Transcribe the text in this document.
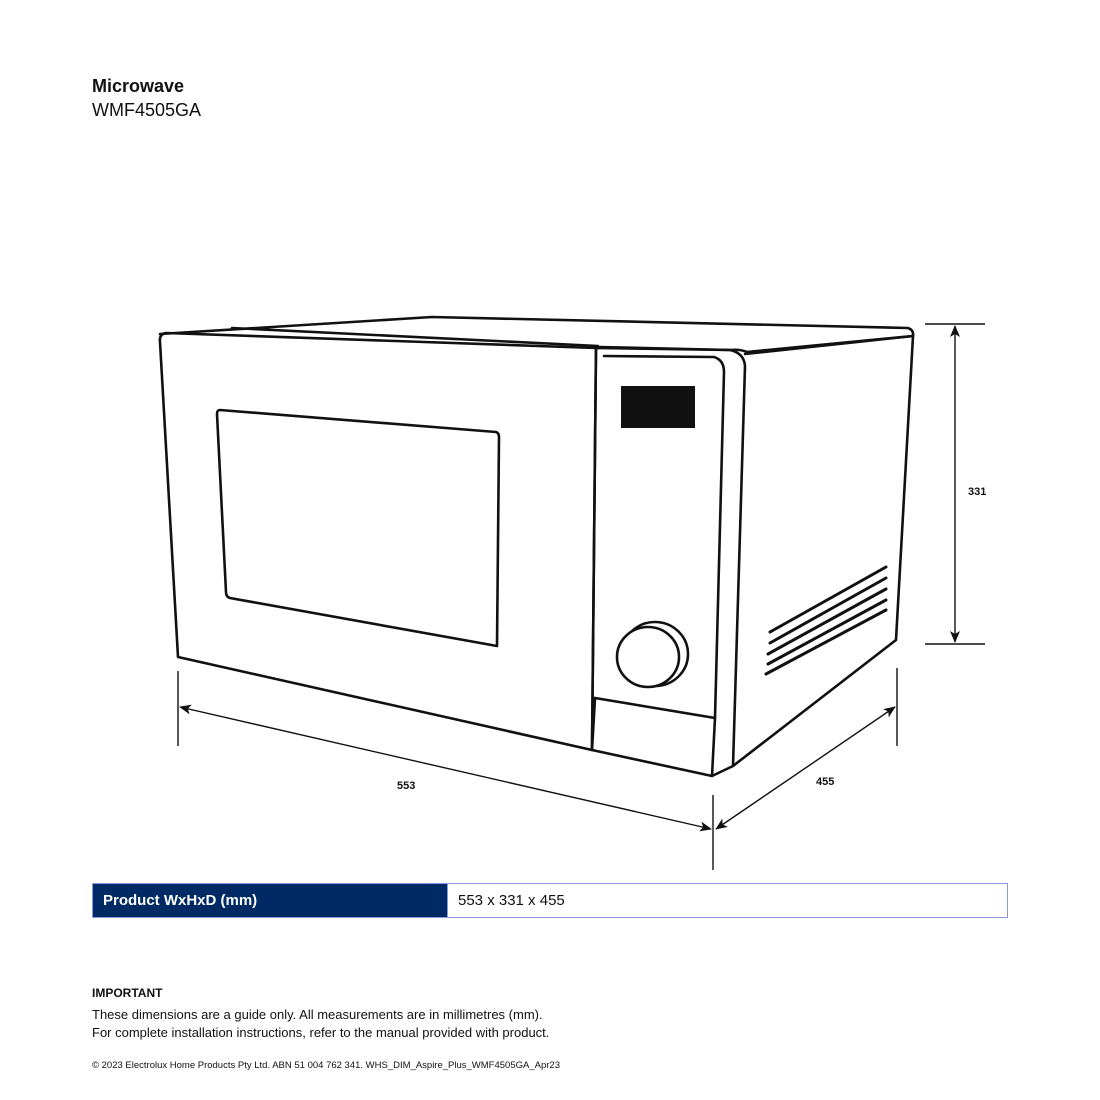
Microwave
WMF4505GA
331
553	455
Product WxHxD (mm)	553 x 331 x 455
IMPORTANT
These dimensions are a guide only. All measurements are in millimetres (mm).
For complete installation instructions, refer to the manual provided with product.
© 2023 Electrolux Home Products Pty Ltd. ABN 51 004 762 341. WHS_DIM_Aspire_Plus_WMF4505GA_Apr23
